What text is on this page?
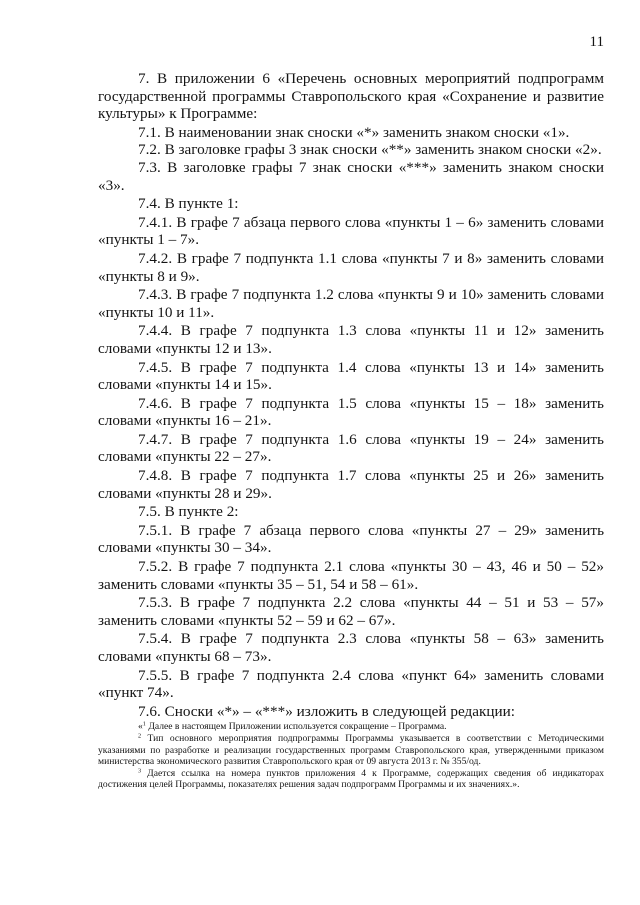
11

7. В приложении 6 «Перечень основных мероприятий подпрограмм государственной программы Ставропольского края «Сохранение и развитие культуры» к Программе:

7.1. В наименовании знак сноски «*» заменить знаком сноски «1».

7.2. В заголовке графы 3 знак сноски «**» заменить знаком сноски «2».

7.3. В заголовке графы 7 знак сноски «***» заменить знаком сноски «3».

7.4. В пункте 1:

7.4.1. В графе 7 абзаца первого слова «пункты 1 – 6» заменить словами «пункты 1 – 7».

7.4.2. В графе 7 подпункта 1.1 слова «пункты 7 и 8» заменить словами «пункты 8 и 9».

7.4.3. В графе 7 подпункта 1.2 слова «пункты 9 и 10» заменить словами «пункты 10 и 11».

7.4.4. В графе 7 подпункта 1.3 слова «пункты 11 и 12» заменить словами «пункты 12 и 13».

7.4.5. В графе 7 подпункта 1.4 слова «пункты 13 и 14» заменить словами «пункты 14 и 15».

7.4.6. В графе 7 подпункта 1.5 слова «пункты 15 – 18» заменить словами «пункты 16 – 21».

7.4.7. В графе 7 подпункта 1.6 слова «пункты 19 – 24» заменить словами «пункты 22 – 27».

7.4.8. В графе 7 подпункта 1.7 слова «пункты 25 и 26» заменить словами «пункты 28 и 29».

7.5. В пункте 2:

7.5.1. В графе 7 абзаца первого слова «пункты 27 – 29» заменить словами «пункты 30 – 34».

7.5.2. В графе 7 подпункта 2.1 слова «пункты 30 – 43, 46 и 50 – 52» заменить словами «пункты 35 – 51, 54 и 58 – 61».

7.5.3. В графе 7 подпункта 2.2 слова «пункты 44 – 51 и 53 – 57» заменить словами «пункты 52 – 59 и 62 – 67».

7.5.4. В графе 7 подпункта 2.3 слова «пункты 58 – 63» заменить словами «пункты 68 – 73».

7.5.5. В графе 7 подпункта 2.4 слова «пункт 64» заменить словами «пункт 74».

7.6. Сноски «*» – «***» изложить в следующей редакции:

«$^1$ Далее в настоящем Приложении используется сокращение – Программа.

$^2$ Тип основного мероприятия подпрограммы Программы указывается в соответствии с Методическими указаниями по разработке и реализации государственных программ Ставропольского края, утвержденными приказом министерства экономического развития Ставропольского края от 09 августа 2013 г. № 355/од.

$^3$ Дается ссылка на номера пунктов приложения 4 к Программе, содержащих сведения об индикаторах достижения целей Программы, показателях решения задач подпрограмм Программы и их значениях.».
